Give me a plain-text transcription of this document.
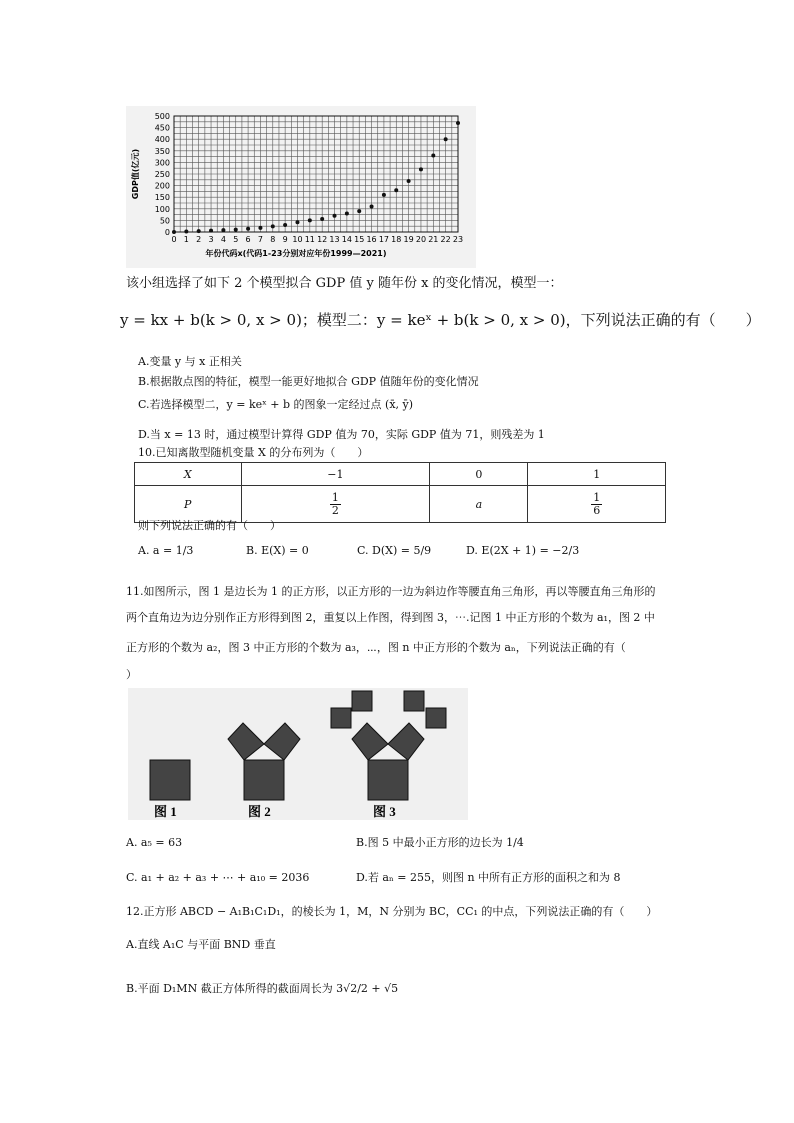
0
50
100
150
200
250
300
350
400
450
500
0 1 2 3 4 5 6 7 8 9 10 11 12 13 14 15 16 17 18 19 20 21 22 23
GDP值(亿元)
年份代码x(代码1-23分别对应年份1999—2021)
该小组选择了如下 2 个模型拟合 GDP 值 y 随年份 x 的变化情况，模型一：
y = kx + b(k > 0, x > 0)；模型二：y = keˣ + b(k > 0, x > 0)，下列说法正确的有（　　）
A.变量 y 与 x 正相关
B.根据散点图的特征，模型一能更好地拟合 GDP 值随年份的变化情况
C.若选择模型二，y = keˣ + b 的图象一定经过点 (x̄, ȳ)
D.当 x = 13 时，通过模型计算得 GDP 值为 70，实际 GDP 值为 71，则残差为 1
10.已知离散型随机变量 X 的分布列为（　　）
X	−1	0	1
P	$\frac{1}{2}$	a	$\frac{1}{6}$
则下列说法正确的有（　　）
A. a = 1/3	B. E(X) = 0	C. D(X) = 5/9	D. E(2X + 1) = −2/3
11.如图所示，图 1 是边长为 1 的正方形，以正方形的一边为斜边作等腰直角三角形，再以等腰直角三角形的
两个直角边为边分别作正方形得到图 2，重复以上作图，得到图 3，⋯.记图 1 中正方形的个数为 a₁，图 2 中
正方形的个数为 a₂，图 3 中正方形的个数为 a₃，⋯，图 n 中正方形的个数为 aₙ，下列说法正确的有（
）
图 1	图 2	图 3
A. a₅ = 63	B.图 5 中最小正方形的边长为 1/4
C. a₁ + a₂ + a₃ + ⋯ + a₁₀ = 2036	D.若 aₙ = 255，则图 n 中所有正方形的面积之和为 8
12.正方形 ABCD − A₁B₁C₁D₁，的棱长为 1，M，N 分别为 BC，CC₁ 的中点，下列说法正确的有（　　）
A.直线 A₁C 与平面 BND 垂直
B.平面 D₁MN 截正方体所得的截面周长为 3√2/2 + √5
